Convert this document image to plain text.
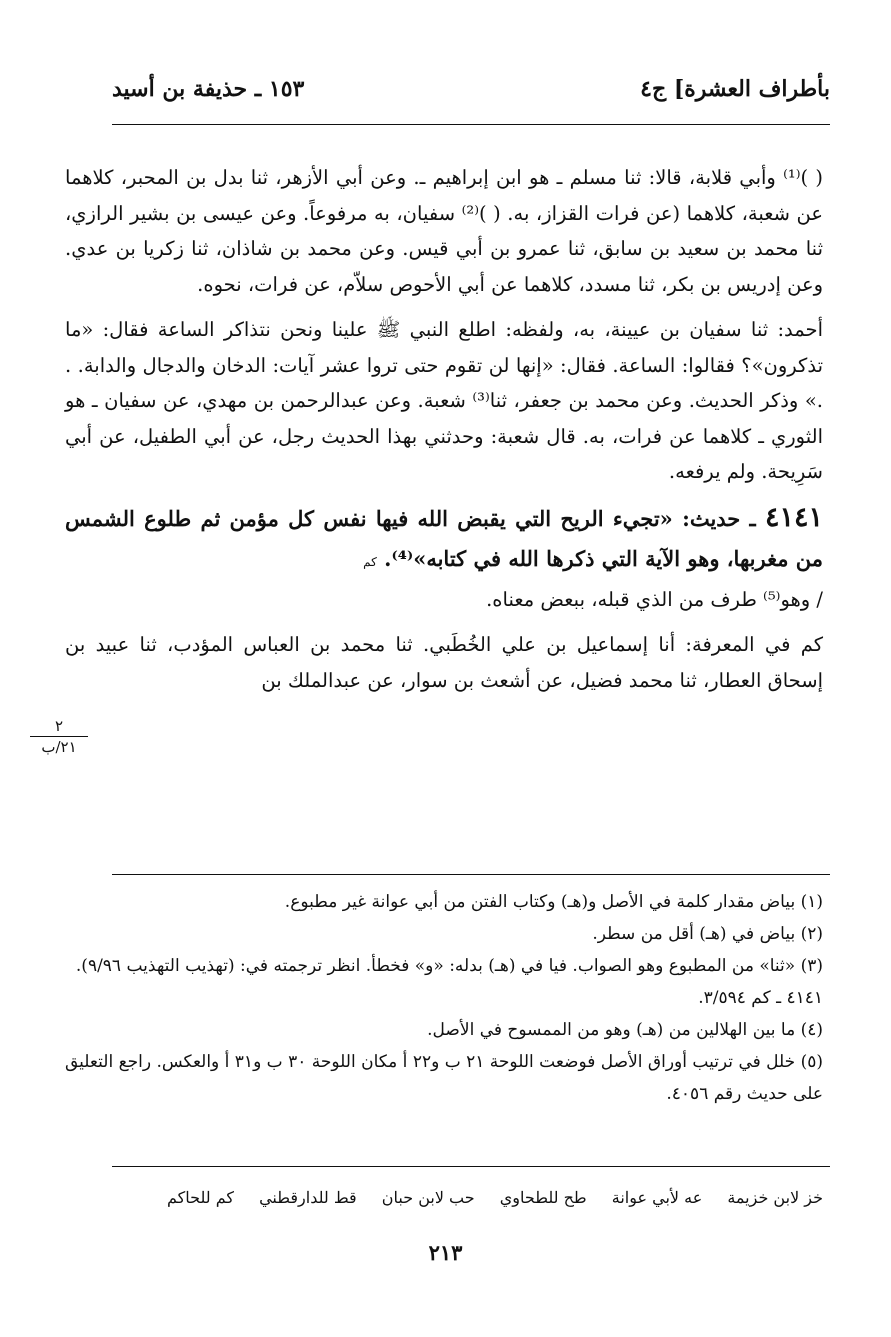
بأطراف العشرة] ج٤
١٥٣ ـ حذيفة بن أسيد
٢
٢١/ب

( )⁽¹⁾ وأبي قلابة، قالا: ثنا مسلم ـ هو ابن إبراهيم ـ. وعن أبي الأزهر، ثنا بدل بن المحبر، كلاهما عن شعبة، كلاهما (عن فرات القزاز، به. ( )⁽²⁾ سفيان، به مرفوعاً. وعن عيسى بن بشير الرازي، ثنا محمد بن سعيد بن سابق، ثنا عمرو بن أبي قيس. وعن محمد بن شاذان، ثنا زكريا بن عدي. وعن إدريس بن بكر، ثنا مسدد، كلاهما عن أبي الأحوص سلاّم، عن فرات، نحوه.

أحمد: ثنا سفيان بن عيينة، به، ولفظه: اطلع النبي ﷺ علينا ونحن نتذاكر الساعة فقال: «ما تذكرون»؟ فقالوا: الساعة. فقال: «إنها لن تقوم حتى تروا عشر آيات: الدخان والدجال والدابة. . .» وذكر الحديث. وعن محمد بن جعفر، ثنا⁽³⁾ شعبة. وعن عبدالرحمن بن مهدي، عن سفيان ـ هو الثوري ـ كلاهما عن فرات، به. قال شعبة: وحدثني بهذا الحديث رجل، عن أبي الطفيل، عن أبي سَرِيحة. ولم يرفعه.

٤١٤١ ـ حديث: «تجيء الريح التي يقبض الله فيها نفس كل مؤمن ثم طلوع الشمس من مغربها، وهو الآية التي ذكرها الله في كتابه»⁽⁴⁾. كم

/ وهو⁽⁵⁾ طرف من الذي قبله، ببعض معناه.

كم في المعرفة: أنا إسماعيل بن علي الخُطَبي. ثنا محمد بن العباس المؤدب، ثنا عبيد بن إسحاق العطار، ثنا محمد فضيل، عن أشعث بن سوار، عن عبدالملك بن

(١) بياض مقدار كلمة في الأصل و(هـ) وكتاب الفتن من أبي عوانة غير مطبوع.

(٢) بياض في (هـ) أقل من سطر.

(٣) «ثنا» من المطبوع وهو الصواب. فيا في (هـ) بدله: «و» فخطأ. انظر ترجمته في: (تهذيب التهذيب ٩/٩٦).

٤١٤١ ـ كم ٣/٥٩٤.

(٤) ما بين الهلالين من (هـ) وهو من الممسوح في الأصل.

(٥) خلل في ترتيب أوراق الأصل فوضعت اللوحة ٢١ ب و٢٢ أ مكان اللوحة ٣٠ ب و٣١ أ والعكس. راجع التعليق على حديث رقم ٤٠٥٦.

خز لابن خزيمة عه لأبي عوانة طح للطحاوي حب لابن حبان قط للدارقطني كم للحاكم
٢١٣
